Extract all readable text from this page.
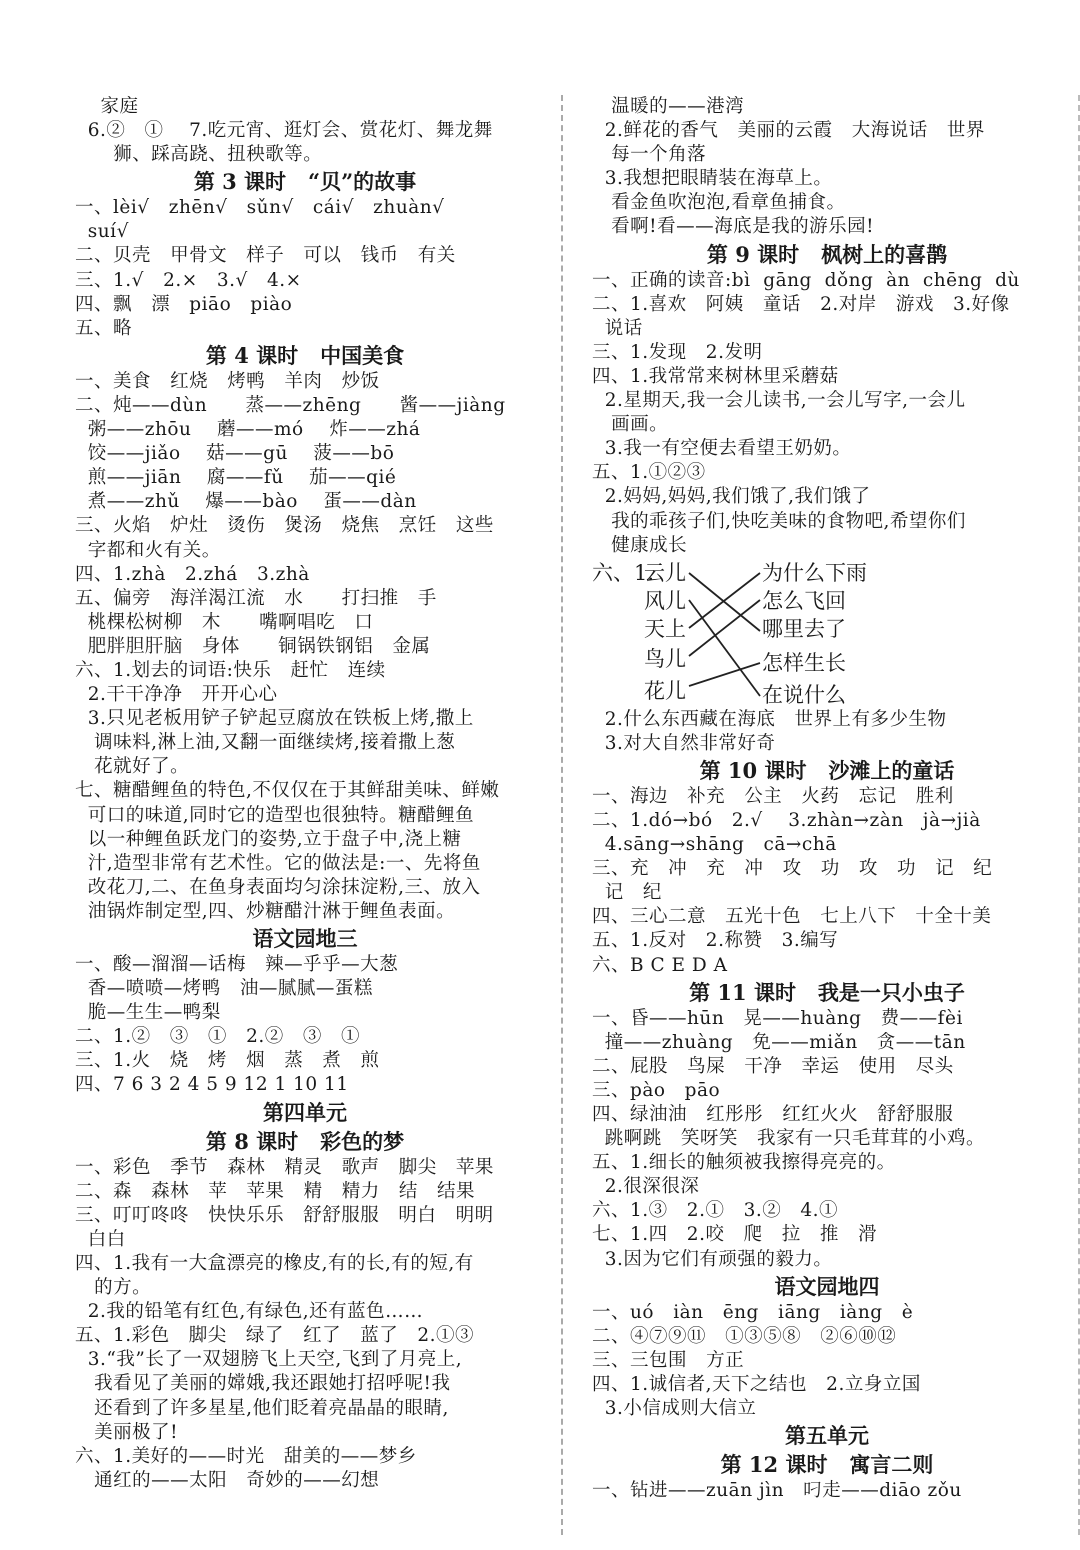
家庭
6.②   ①    7.吃元宵、逛灯会、赏花灯、舞龙舞
狮、踩高跷、扭秧歌等。
第 3 课时   “贝”的故事
一、lèi√   zhēn√   sǔn√   cái√   zhuàn√
suí√
二、贝壳   甲骨文   样子   可以   钱币   有关
三、1.√   2.×   3.√   4.×
四、飘   漂   piāo   piào
五、略
第 4 课时   中国美食
一、美食   红烧   烤鸭   羊肉   炒饭
二、炖——dùn      蒸——zhēng      酱——jiàng
粥——zhōu    蘑——mó    炸——zhá
饺——jiǎo    菇——gū    菠——bō
煎——jiān    腐——fǔ    茄——qié
煮——zhǔ    爆——bào    蛋——dàn
三、火焰   炉灶   烫伤   煲汤   烧焦   烹饪   这些
字都和火有关。
四、1.zhà   2.zhá   3.zhà
五、偏旁   海洋渴江流   水      打扫推   手
桃棵松树柳   木      嘴啊唱吃   口
肥胖胆肝脑   身体      铜锅铁钢铝   金属
六、1.划去的词语:快乐   赶忙   连续
2.干干净净   开开心心
3.只见老板用铲子铲起豆腐放在铁板上烤,撒上
调味料,淋上油,又翻一面继续烤,接着撒上葱
花就好了。
七、糖醋鲤鱼的特色,不仅仅在于其鲜甜美味、鲜嫩
可口的味道,同时它的造型也很独特。糖醋鲤鱼
以一种鲤鱼跃龙门的姿势,立于盘子中,浇上糖
汁,造型非常有艺术性。它的做法是:一、先将鱼
改花刀,二、在鱼身表面均匀涂抹淀粉,三、放入
油锅炸制定型,四、炒糖醋汁淋于鲤鱼表面。
语文园地三
一、酸—溜溜—话梅   辣—乎乎—大葱
香—喷喷—烤鸭   油—腻腻—蛋糕
脆—生生—鸭梨
二、1.②   ③   ①   2.②   ③   ①
三、1.火   烧   烤   烟   蒸   煮   煎
四、7 6 3 2 4 5 9 12 1 10 11
第四单元
第 8 课时   彩色的梦
一、彩色   季节   森林   精灵   歌声   脚尖   苹果
二、森   森林   苹   苹果   精   精力   结   结果
三、叮叮咚咚   快快乐乐   舒舒服服   明白   明明
白白
四、1.我有一大盒漂亮的橡皮,有的长,有的短,有
的方。
2.我的铅笔有红色,有绿色,还有蓝色……
五、1.彩色   脚尖   绿了   红了   蓝了   2.①③
3.“我”长了一双翅膀飞上天空,飞到了月亮上,
我看见了美丽的嫦娥,我还跟她打招呼呢!我
还看到了许多星星,他们眨着亮晶晶的眼睛,
美丽极了!
六、1.美好的——时光   甜美的——梦乡
通红的——太阳   奇妙的——幻想
温暖的——港湾
2.鲜花的香气   美丽的云霞   大海说话   世界
每一个角落
3.我想把眼睛装在海草上。
看金鱼吹泡泡,看章鱼捕食。
看啊!看——海底是我的游乐园!
第 9 课时   枫树上的喜鹊
一、正确的读音:bì  gāng  dǒng  àn  chēng  dù
二、1.喜欢   阿姨   童话   2.对岸   游戏   3.好像
说话
三、1.发现   2.发明
四、1.我常常来树林里采蘑菇
2.星期天,我一会儿读书,一会儿写字,一会儿
画画。
3.我一有空便去看望王奶奶。
五、1.①②③
2.妈妈,妈妈,我们饿了,我们饿了
我的乖孩子们,快吃美味的食物吧,希望你们
健康成长
六、1.
云儿
风儿
天上
鸟儿
花儿
为什么下雨
怎么飞回
哪里去了
怎样生长
在说什么
2.什么东西藏在海底   世界上有多少生物
3.对大自然非常好奇
第 10 课时   沙滩上的童话
一、海边   补充   公主   火药   忘记   胜利
二、1.dó→bó   2.√    3.zhàn→zàn   jà→jià
4.sāng→shāng   cā→chā
三、充   冲   充   冲   攻   功   攻   功   记   纪
记   纪
四、三心二意   五光十色   七上八下   十全十美
五、1.反对   2.称赞   3.编写
六、B C E D A
第 11 课时   我是一只小虫子
一、昏——hūn   晃——huàng   费——fèi
撞——zhuàng   免——miǎn   贪——tān
二、屁股   鸟屎   干净   幸运   使用   尽头
三、pào   pāo
四、绿油油   红彤彤   红红火火   舒舒服服
跳啊跳   笑呀笑   我家有一只毛茸茸的小鸡。
五、1.细长的触须被我擦得亮亮的。
2.很深很深
六、1.③   2.①   3.②   4.①
七、1.四   2.咬   爬   拉   推   滑
3.因为它们有顽强的毅力。
语文园地四
一、uó   iàn   ēng   iāng   iàng   è
二、④⑦⑨⑪   ①③⑤⑧   ②⑥⑩⑫
三、三包围   方正
四、1.诚信者,天下之结也   2.立身立国
3.小信成则大信立
第五单元
第 12 课时   寓言二则
一、钻进——zuān jìn   叼走——diāo zǒu
